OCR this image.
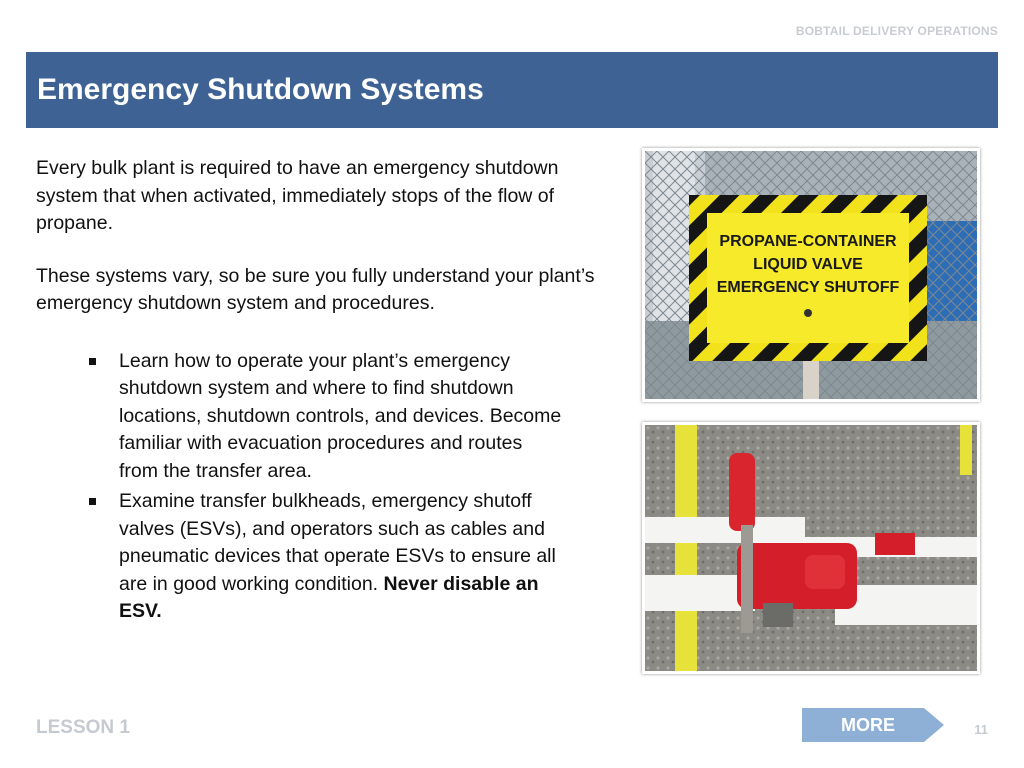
BOBTAIL DELIVERY OPERATIONS
Emergency Shutdown Systems

Every bulk plant is required to have an emergency shutdown system that when activated, immediately stops of the flow of propane.

These systems vary, so be sure you fully understand your plant’s emergency shutdown system and procedures.

Learn how to operate your plant’s emergency shutdown system and where to find shutdown locations, shutdown controls, and devices. Become familiar with evacuation procedures and routes from the transfer area.
Examine transfer bulkheads, emergency shutoff valves (ESVs), and operators such as cables and pneumatic devices that operate ESVs to ensure all are in good working condition. Never disable an ESV.
PROPANE-CONTAINER
LIQUID VALVE
EMERGENCY SHUTOFF
LESSON 1	MORE	11
